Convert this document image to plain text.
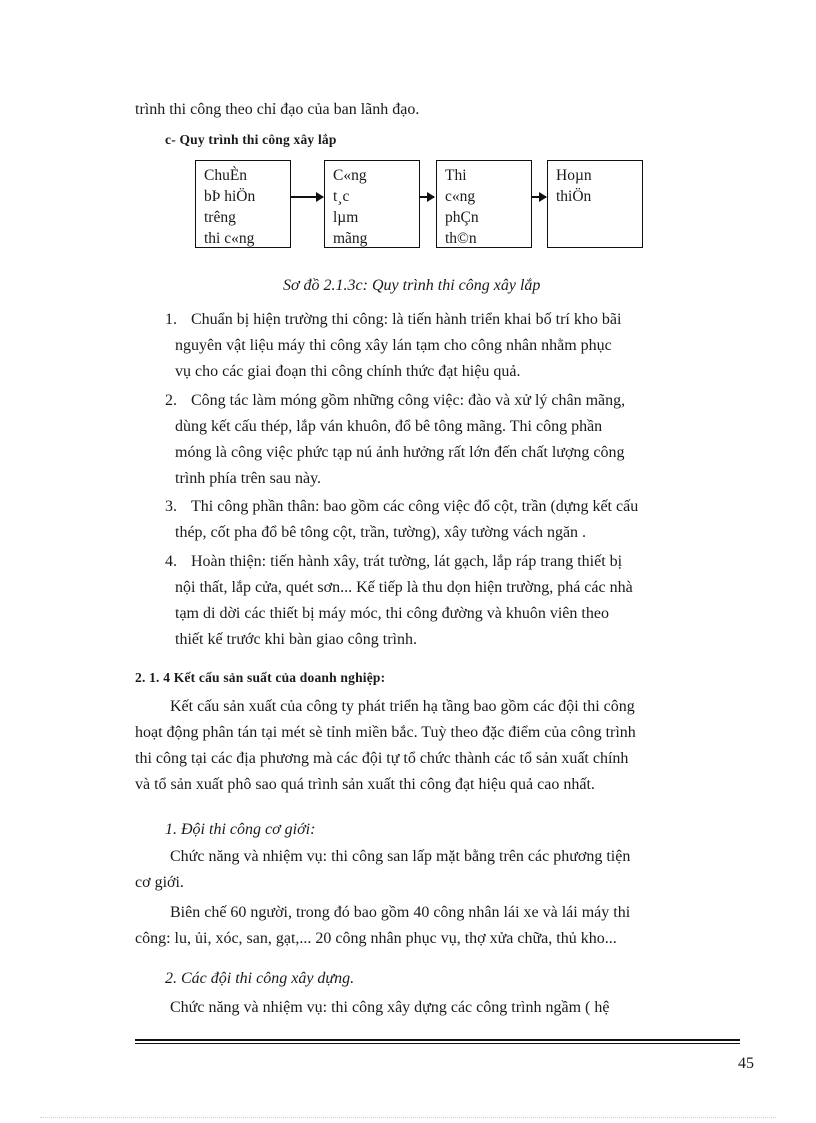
trình thi công theo chỉ đạo của ban lãnh đạo.
c- Quy trình thi công xây lắp
ChuÈn
bÞ hiÖn
trêng
thi c«ng
C«ng
t¸c
lµm
mãng
Thi
c«ng
phÇn
th©n
Hoµn
thiÖn
Sơ đồ 2.1.3c: Quy trình thi công xây lắp
1. Chuẩn bị hiện trường thi công: là tiến hành triển khai bố trí kho bãi
nguyên vật liệu máy thi công xây lán tạm cho công nhân nhằm phục
vụ cho các giai đoạn thi công chính thức đạt hiệu quả.
2. Công tác làm móng gồm những công việc: đào và xử lý chân mãng,
dùng kết cấu thép, lắp ván khuôn, đổ bê tông mãng. Thi công phần
móng là công việc phức tạp nú ảnh hưởng rất lớn đến chất lượng công
trình phía trên sau này.
3. Thi công phần thân: bao gồm các công việc đổ cột, trần (dựng kết cấu
thép, cốt pha đổ bê tông cột, trần, tường), xây tường vách ngăn .
4. Hoàn thiện: tiến hành xây, trát tường, lát gạch, lắp ráp trang thiết bị
nội thất, lắp cửa, quét sơn... Kế tiếp là thu dọn hiện trường, phá các nhà
tạm di dời các thiết bị máy móc, thi công đường và khuôn viên theo
thiết kế trước khi bàn giao công trình.
2. 1. 4 Kết cấu sản suất của doanh nghiệp:
Kết cấu sản xuất của công ty phát triển hạ tầng bao gồm các đội thi công
hoạt động phân tán tại mét sè tỉnh miền bắc. Tuỳ theo đặc điểm của công trình
thi công tại các địa phương mà các đội tự tổ chức thành các tổ sản xuất chính
và tổ sản xuất phô sao quá trình sản xuất thi công đạt hiệu quả cao nhất.
1. Đội thi công cơ giới:
Chức năng và nhiệm vụ: thi công san lấp mặt bằng trên các phương tiện
cơ giới.
Biên chế 60 người, trong đó bao gồm 40 công nhân lái xe và lái máy thi
công: lu, ủi, xóc, san, gạt,... 20 công nhân phục vụ, thợ xửa chữa, thủ kho...
2. Các đội thi công xây dựng.
Chức năng và nhiệm vụ: thi công xây dựng các công trình ngầm ( hệ
45
